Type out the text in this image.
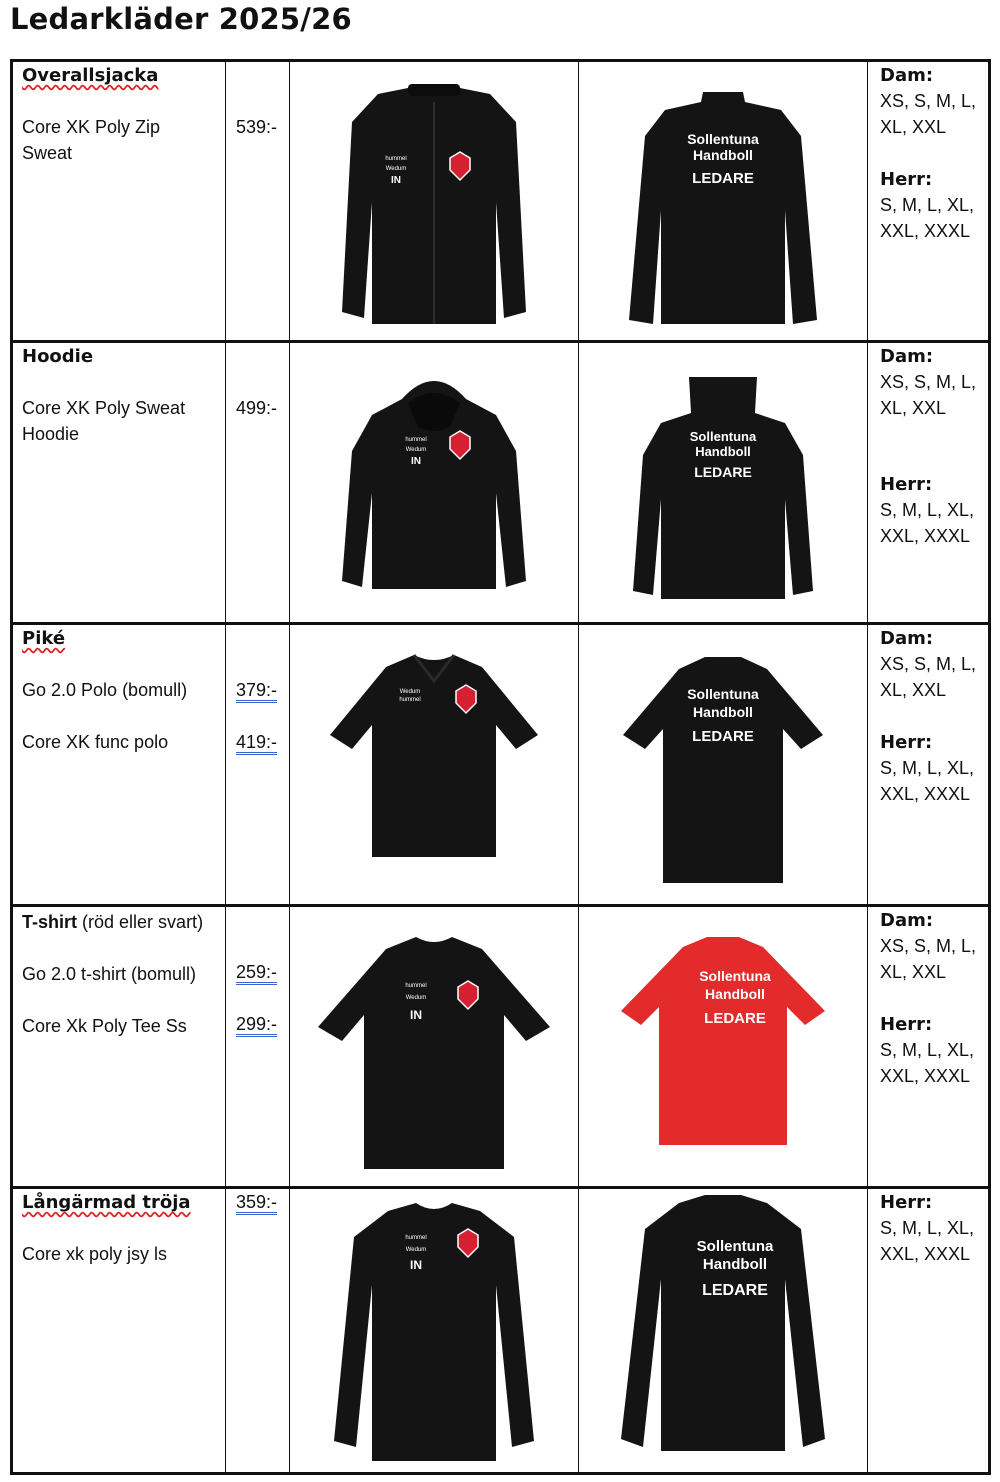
Ledarkläder 2025/26
Overallsjacka
Core XK Poly Zip Sweat
539:-
hummel
Wedum
IN
Sollentuna
Handboll
LEDARE
Dam:
XS, S, M, L, XL, XXL
Herr:
S, M, L, XL, XXL, XXXL
Hoodie
Core XK Poly Sweat Hoodie
499:-
hummel
Wedum
IN
Sollentuna
Handboll
LEDARE
Dam:
XS, S, M, L, XL, XXL
Herr:
S, M, L, XL, XXL, XXXL
Piké
Go 2.0 Polo (bomull)
Core XK func polo
379:-
419:-
Wedum
hummel	Sollentuna
Handboll
LEDARE
Dam:
XS, S, M, L, XL, XXL
Herr:
S, M, L, XL, XXL, XXXL
T-shirt (röd eller svart)
Go 2.0 t-shirt (bomull)
Core Xk Poly Tee Ss
259:-
299:-
hummel
Wedum
IN
Sollentuna
Handboll
LEDARE
Dam:
XS, S, M, L, XL, XXL
Herr:
S, M, L, XL, XXL, XXXL
Långärmad tröja
Core xk poly jsy ls
359:-
hummel
Wedum
IN
Sollentuna
Handboll
LEDARE
Herr:
S, M, L, XL, XXL, XXXL
